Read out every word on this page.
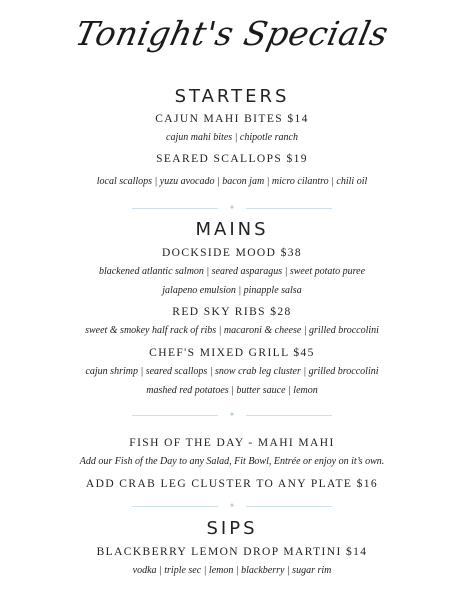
Tonight's Specials
STARTERS
CAJUN MAHI BITES $14
cajun mahi bites | chipotle ranch
SEARED SCALLOPS $19
local scallops | yuzu avocado | bacon jam | micro cilantro | chili oil
✦
MAINS
DOCKSIDE MOOD $38
blackened atlantic salmon | seared asparagus | sweet potato puree
jalapeno emulsion | pinapple salsa
RED SKY RIBS $28
sweet & smokey half rack of ribs | macaroni & cheese | grilled broccolini
CHEF'S MIXED GRILL $45
cajun shrimp | seared scallops | snow crab leg cluster | grilled broccolini
mashed red potatoes | butter sauce | lemon
✦
FISH OF THE DAY - MAHI MAHI
Add our Fish of the Day to any Salad, Fit Bowl, Entrée or enjoy on it’s own.
ADD CRAB LEG CLUSTER TO ANY PLATE $16
✦
SIPS
BLACKBERRY LEMON DROP MARTINI $14
vodka | triple sec | lemon | blackberry | sugar rim
